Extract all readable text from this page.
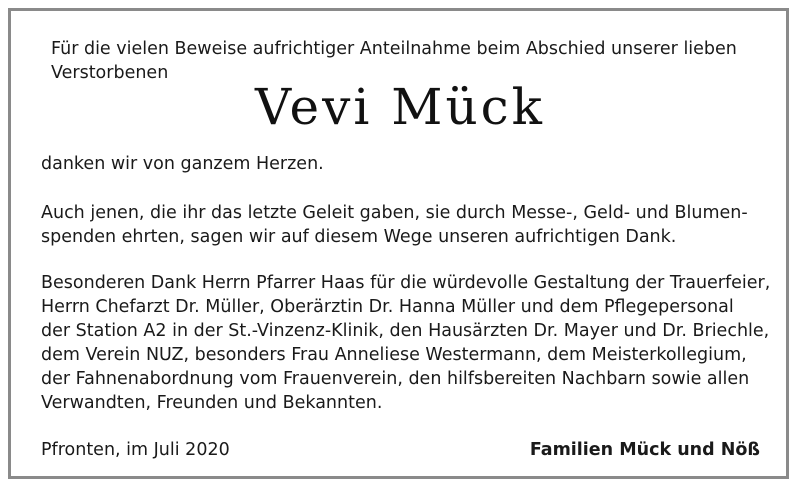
Für die vielen Beweise aufrichtiger Anteilnahme beim Abschied unserer lieben

Verstorbenen

Vevi Mück

danken wir von ganzem Herzen.

Auch jenen, die ihr das letzte Geleit gaben, sie durch Messe-, Geld- und Blumen-

spenden ehrten, sagen wir auf diesem Wege unseren aufrichtigen Dank.

Besonderen Dank Herrn Pfarrer Haas für die würdevolle Gestaltung der Trauerfeier,

Herrn Chefarzt Dr. Müller, Oberärztin Dr. Hanna Müller und dem Pflegepersonal

der Station A2 in der St.-Vinzenz-Klinik, den Hausärzten Dr. Mayer und Dr. Briechle,

dem Verein NUZ, besonders Frau Anneliese Westermann, dem Meisterkollegium,

der Fahnenabordnung vom Frauenverein, den hilfsbereiten Nachbarn sowie allen

Verwandten, Freunden und Bekannten.

Pfronten, im Juli 2020	Familien Mück und Nöß
